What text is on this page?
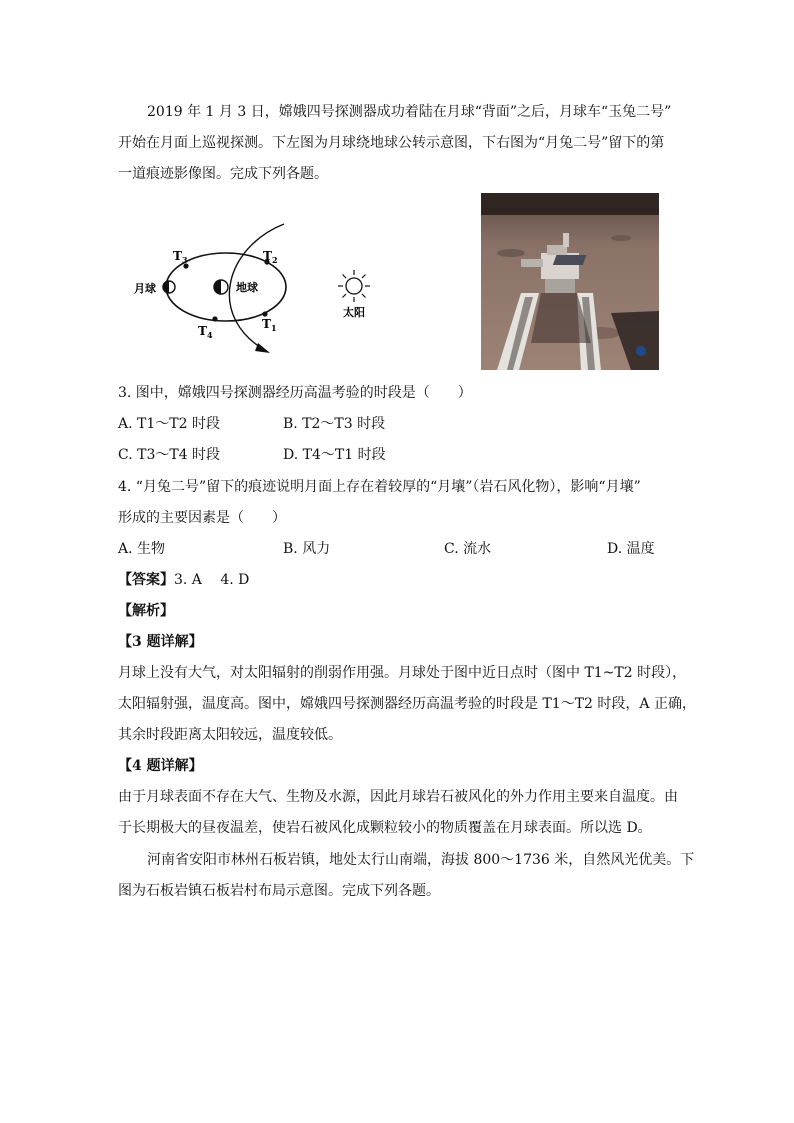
2019 年 1 月 3 日，嫦娥四号探测器成功着陆在月球“背面”之后，月球车“玉兔二号”
开始在月面上巡视探测。下左图为月球绕地球公转示意图，下右图为“月兔二号”留下的第
一道痕迹影像图。完成下列各题。
月球	地球
$T_3$	$T_2$
$T_1$
$T_4$
太阳
3. 图中，嫦娥四号探测器经历高温考验的时段是（　　）
A. T1～T2 时段	B. T2～T3 时段
C. T3～T4 时段	D. T4～T1 时段
4. “月兔二号”留下的痕迹说明月面上存在着较厚的“月壤”（岩石风化物），影响“月壤”
形成的主要因素是（　　）
A. 生物	B. 风力	C. 流水	D. 温度
【答案】3. A　 4. D
【解析】
【3 题详解】
月球上没有大气，对太阳辐射的削弱作用强。月球处于图中近日点时（图中 T1~T2 时段），
太阳辐射强，温度高。图中，嫦娥四号探测器经历高温考验的时段是 T1～T2 时段，A 正确，
其余时段距离太阳较远，温度较低。
【4 题详解】
由于月球表面不存在大气、生物及水源，因此月球岩石被风化的外力作用主要来自温度。由
于长期极大的昼夜温差，使岩石被风化成颗粒较小的物质覆盖在月球表面。所以选 D。
河南省安阳市林州石板岩镇，地处太行山南端，海拔 800～1736 米，自然风光优美。下
图为石板岩镇石板岩村布局示意图。完成下列各题。
